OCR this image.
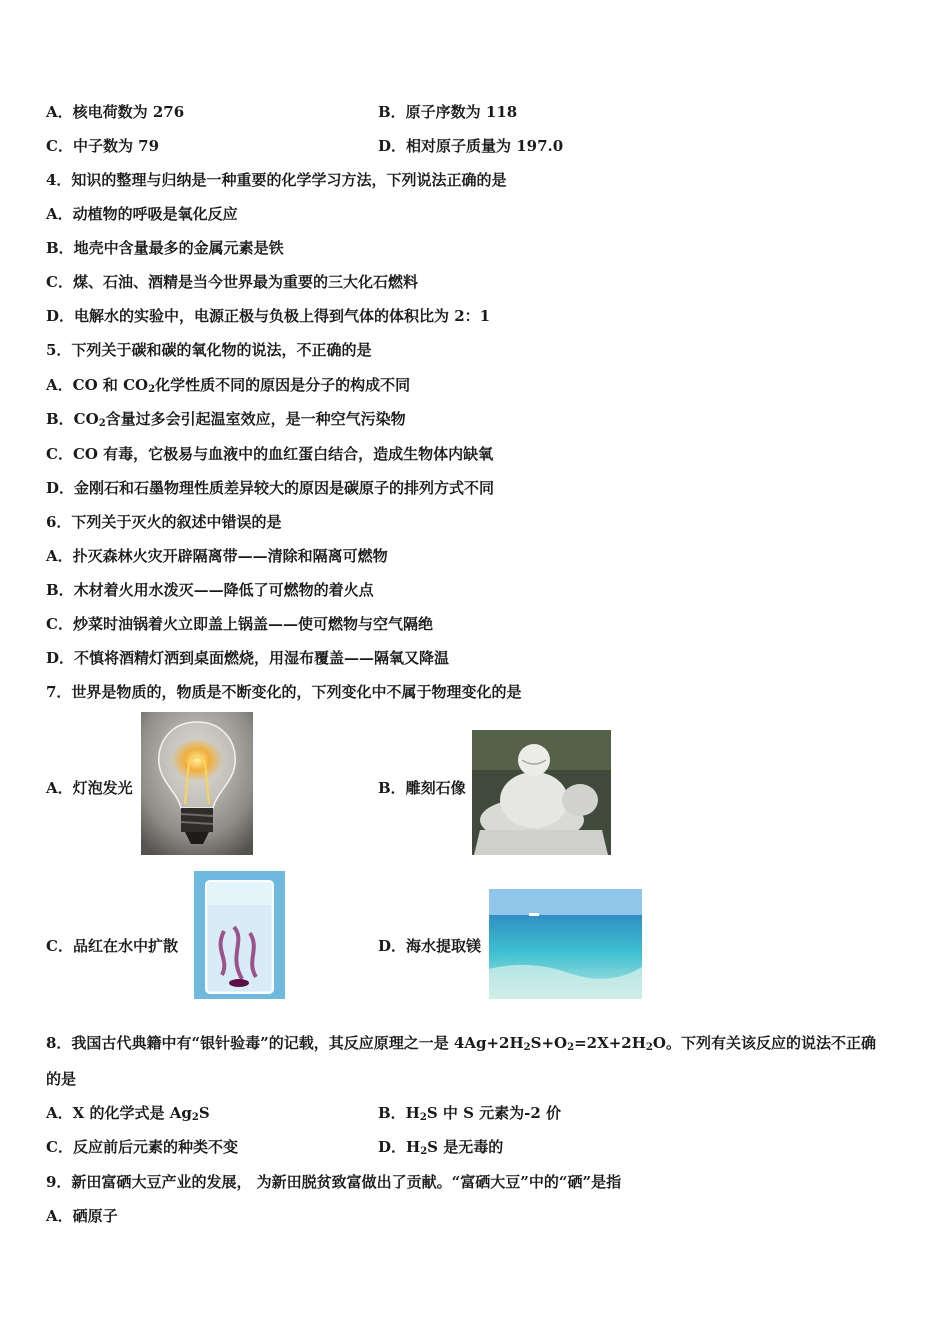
A．核电荷数为 276	B．原子序数为 118
C．中子数为 79	D．相对原子质量为 197.0
4．知识的整理与归纳是一种重要的化学学习方法，下列说法正确的是
A．动植物的呼吸是氧化反应
B．地壳中含量最多的金属元素是铁
C．煤、石油、酒精是当今世界最为重要的三大化石燃料
D．电解水的实验中，电源正极与负极上得到气体的体积比为 2：1
5．下列关于碳和碳的氧化物的说法，不正确的是
A．CO 和 $CO_2$化学性质不同的原因是分子的构成不同
B．$CO_2$含量过多会引起温室效应，是一种空气污染物
C．CO 有毒，它极易与血液中的血红蛋白结合，造成生物体内缺氧
D．金刚石和石墨物理性质差异较大的原因是碳原子的排列方式不同
6．下列关于灭火的叙述中错误的是
A．扑灭森林火灾开辟隔离带——清除和隔离可燃物
B．木材着火用水泼灭——降低了可燃物的着火点
C．炒菜时油锅着火立即盖上锅盖——使可燃物与空气隔绝
D．不慎将酒精灯洒到桌面燃烧，用湿布覆盖——隔氧又降温
7．世界是物质的，物质是不断变化的，下列变化中不属于物理变化的是
A．灯泡发光	B．雕刻石像
C．品红在水中扩散	D．海水提取镁
8．我国古代典籍中有“银针验毒”的记载，其反应原理之一是 $4Ag+2H_2S+O_2=2X+2H_2O$。下列有关该反应的说法不正确
的是
A．X 的化学式是 $Ag_2S$	B．$H_2S$ 中 S 元素为-2 价
C．反应前后元素的种类不变	D．$H_2S$ 是无毒的
9．新田富硒大豆产业的发展， 为新田脱贫致富做出了贡献。“富硒大豆”中的“硒”是指
A．硒原子
